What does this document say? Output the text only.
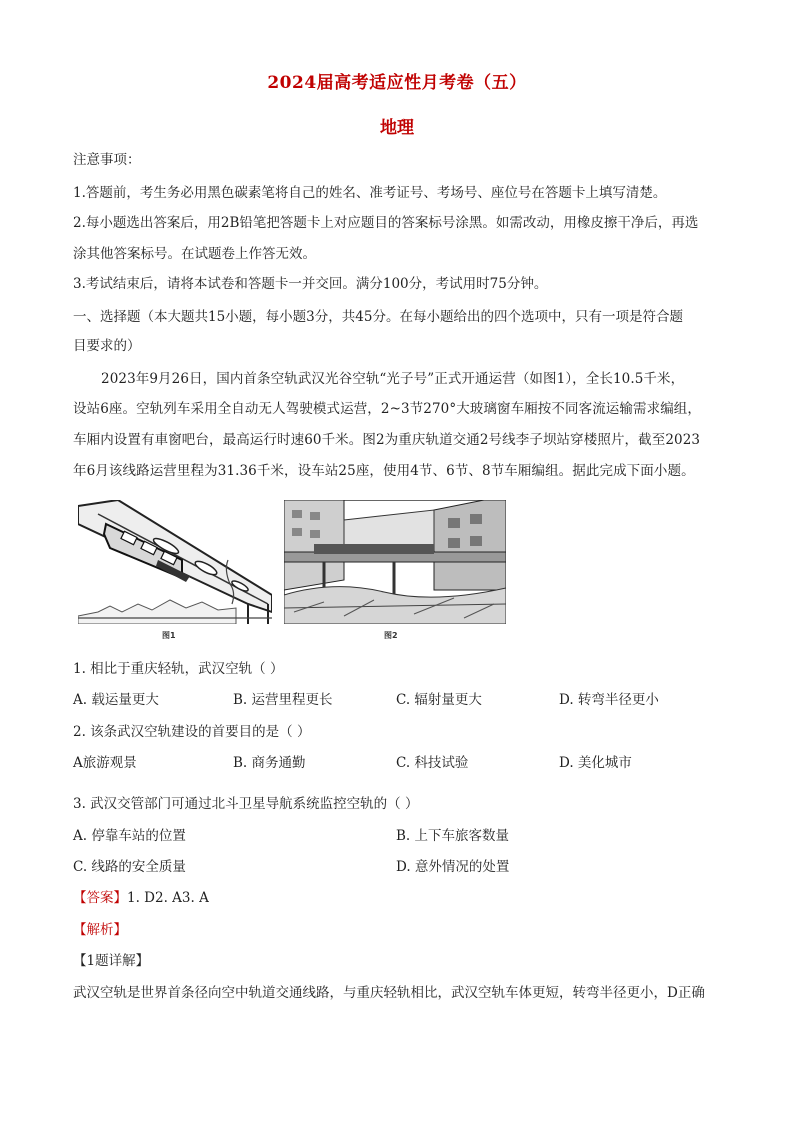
2024届高考适应性月考卷（五）
地理
注意事项：
1.答题前，考生务必用黑色碳素笔将自己的姓名、准考证号、考场号、座位号在答题卡上填写清楚。
2.每小题选出答案后，用2B铅笔把答题卡上对应题目的答案标号涂黑。如需改动，用橡皮擦干净后，再选
涂其他答案标号。在试题卷上作答无效。
3.考试结束后，请将本试卷和答题卡一并交回。满分100分，考试用时75分钟。
一、选择题（本大题共15小题，每小题3分，共45分。在每小题给出的四个选项中，只有一项是符合题
目要求的）
2023年9月26日，国内首条空轨武汉光谷空轨“光子号”正式开通运营（如图1），全长10.5千米，
设站6座。空轨列车采用全自动无人驾驶模式运营，2~3节270°大玻璃窗车厢按不同客流运输需求编组，
车厢内设置有車窗吧台，最高运行时速60千米。图2为重庆轨道交通2号线李子坝站穿楼照片，截至2023
年6月该线路运营里程为31.36千米，设车站25座，使用4节、6节、8节车厢编组。据此完成下面小题。
图1	图2
1. 相比于重庆轻轨，武汉空轨（ ）
A. 载运量更大	B. 运营里程更长	C. 辐射量更大	D. 转弯半径更小
2. 该条武汉空轨建设的首要目的是（ ）
A旅游观景	B. 商务通勤	C. 科技试验	D. 美化城市
3. 武汉交管部门可通过北斗卫星导航系统监控空轨的（ ）
A. 停靠车站的位置	B. 上下车旅客数量
C. 线路的安全质量	D. 意外情况的处置
【答案】1. D2. A3. A
【解析】
【1题详解】
武汉空轨是世界首条径向空中轨道交通线路，与重庆轻轨相比，武汉空轨车体更短，转弯半径更小，D正确
